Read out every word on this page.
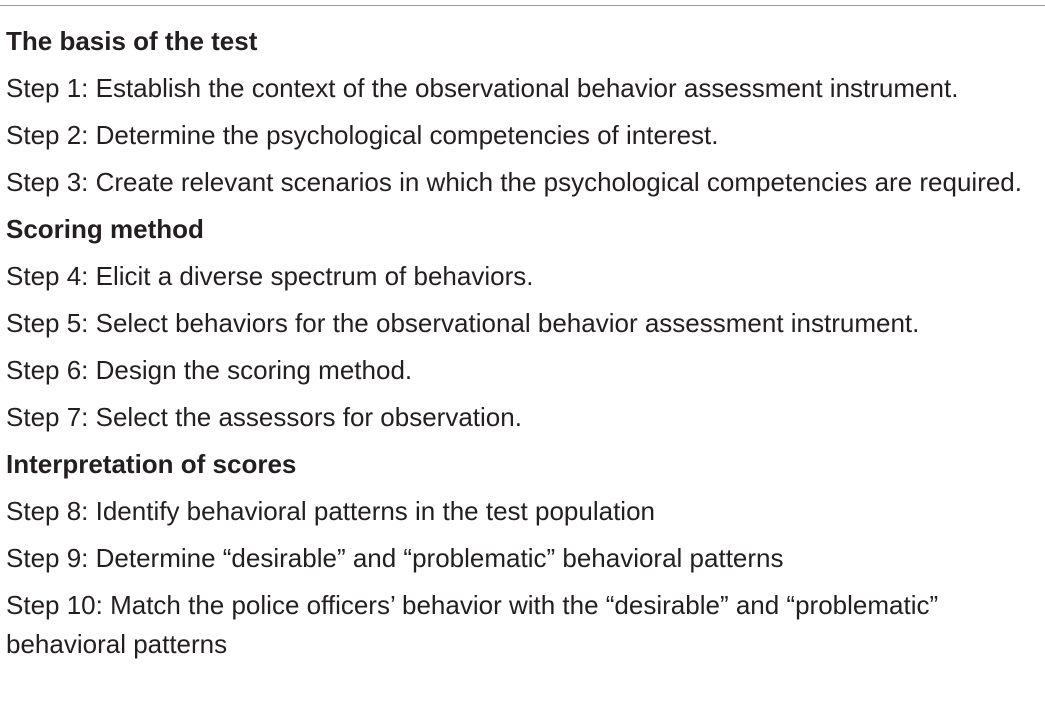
The basis of the test
Step 1: Establish the context of the observational behavior assessment instrument.
Step 2: Determine the psychological competencies of interest.
Step 3: Create relevant scenarios in which the psychological competencies are required.
Scoring method
Step 4: Elicit a diverse spectrum of behaviors.
Step 5: Select behaviors for the observational behavior assessment instrument.
Step 6: Design the scoring method.
Step 7: Select the assessors for observation.
Interpretation of scores
Step 8: Identify behavioral patterns in the test population
Step 9: Determine “desirable” and “problematic” behavioral patterns
Step 10: Match the police officers’ behavior with the “desirable” and “problematic” behavioral patterns
